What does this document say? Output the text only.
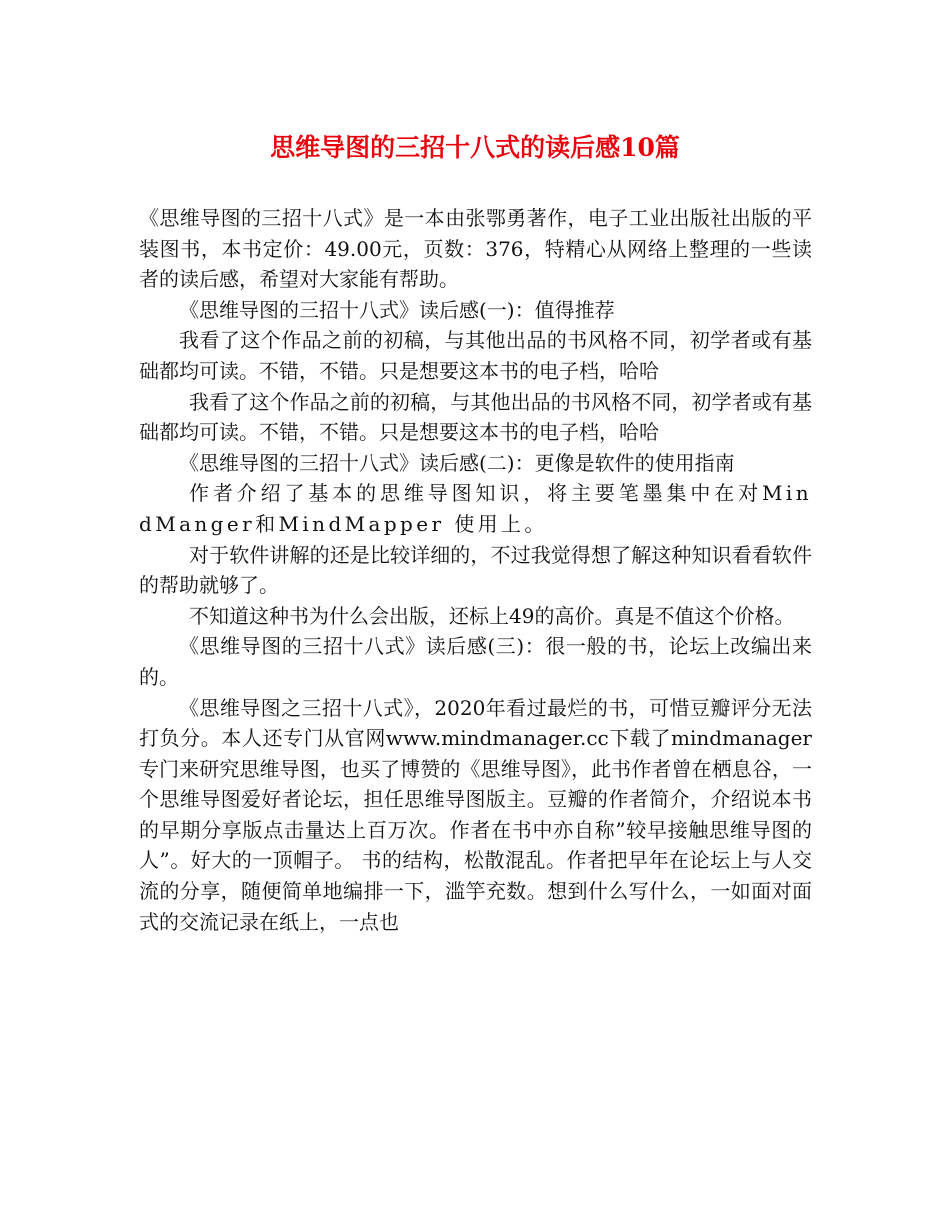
思维导图的三招十八式的读后感10篇

《思维导图的三招十八式》是一本由张鄂勇著作，电子工业出版社出版的平装图书，本书定价：49.00元，页数：376，特精心从网络上整理的一些读者的读后感，希望对大家能有帮助。

《思维导图的三招十八式》读后感(一)：值得推荐

我看了这个作品之前的初稿，与其他出品的书风格不同，初学者或有基础都均可读。不错，不错。只是想要这本书的电子档，哈哈

我看了这个作品之前的初稿，与其他出品的书风格不同，初学者或有基础都均可读。不错，不错。只是想要这本书的电子档，哈哈

《思维导图的三招十八式》读后感(二)：更像是软件的使用指南

作者介绍了基本的思维导图知识，将主要笔墨集中在对MindManger和MindMapper 使用上。

对于软件讲解的还是比较详细的，不过我觉得想了解这种知识看看软件的帮助就够了。

不知道这种书为什么会出版，还标上49的高价。真是不值这个价格。

《思维导图的三招十八式》读后感(三)：很一般的书，论坛上改编出来的。

《思维导图之三招十八式》，2020年看过最烂的书，可惜豆瓣评分无法打负分。本人还专门从官网www.mindmanager.cc下载了mindmanager专门来研究思维导图，也买了博赞的《思维导图》，此书作者曾在栖息谷，一个思维导图爱好者论坛，担任思维导图版主。豆瓣的作者简介，介绍说本书的早期分享版点击量达上百万次。作者在书中亦自称”较早接触思维导图的人”。好大的一顶帽子。 书的结构，松散混乱。作者把早年在论坛上与人交流的分享，随便简单地编排一下，滥竽充数。想到什么写什么，一如面对面式的交流记录在纸上，一点也
